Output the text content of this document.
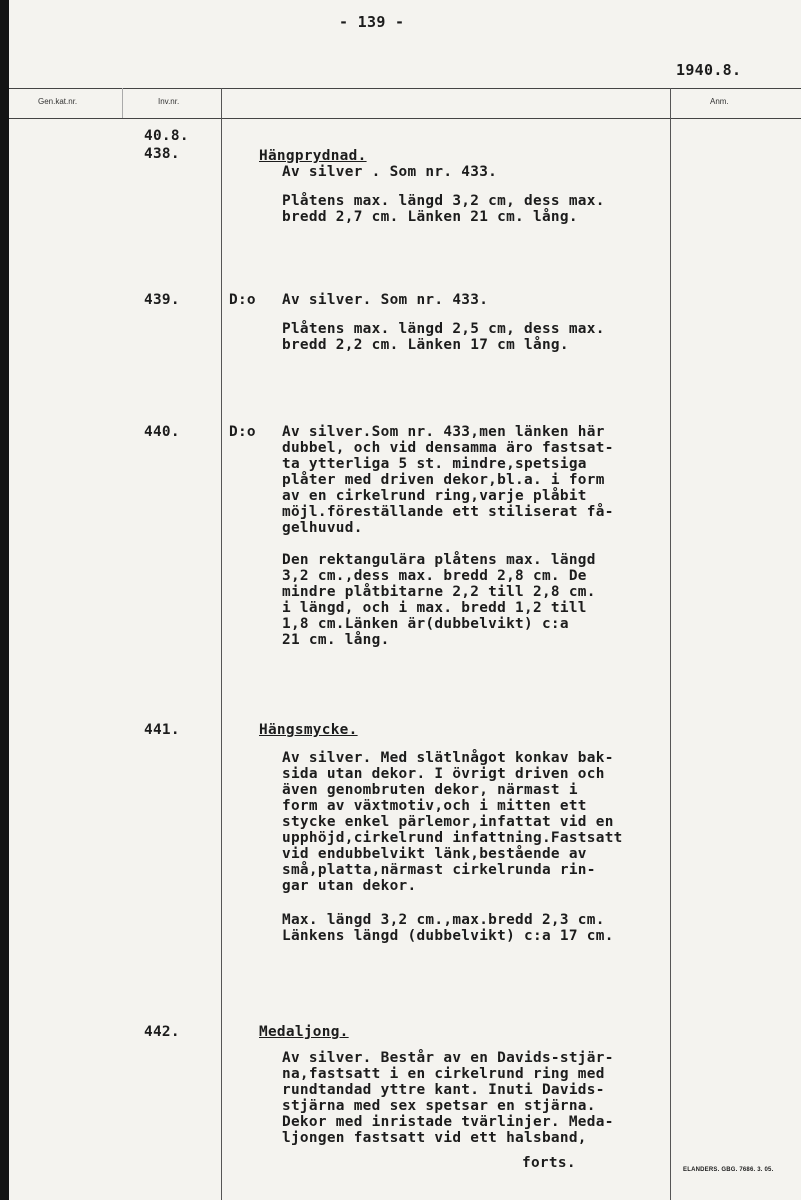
- 139 -
1940.8.
Gen.kat.nr.	Inv.nr.	Anm.
40.8.
438.	Hängprydnad.
Av silver . Som nr. 433.
Plåtens max. längd 3,2 cm, dess max.
bredd 2,7 cm. Länken 21 cm. lång.
439.	D:o Av silver. Som nr. 433.
Plåtens max. längd 2,5 cm, dess max.
bredd 2,2 cm. Länken 17 cm lång.
440.	D:o Av silver.Som nr. 433,men länken här
dubbel, och vid densamma äro fastsat-
ta ytterliga 5 st. mindre,spetsiga
plåter med driven dekor,bl.a. i form
av en cirkelrund ring,varje plåbit
möjl.föreställande ett stiliserat få-
gelhuvud.
Den rektangulära plåtens max. längd
3,2 cm.,dess max. bredd 2,8 cm. De
mindre plåtbitarne 2,2 till 2,8 cm.
i längd, och i max. bredd 1,2 till
1,8 cm.Länken är(dubbelvikt) c:a
21 cm. lång.
441.	Hängsmycke.
Av silver. Med slätlnågot konkav bak-
sida utan dekor. I övrigt driven och
även genombruten dekor, närmast i
form av växtmotiv,och i mitten ett
stycke enkel pärlemor,infattat vid en
upphöjd,cirkelrund infattning.Fastsatt
vid endubbelvikt länk,bestående av
små,platta,närmast cirkelrunda rin-
gar utan dekor.
Max. längd 3,2 cm.,max.bredd 2,3 cm.
Länkens längd (dubbelvikt) c:a 17 cm.
442.	Medaljong.
Av silver. Består av en Davids-stjär-
na,fastsatt i en cirkelrund ring med
rundtandad yttre kant. Inuti Davids-
stjärna med sex spetsar en stjärna.
Dekor med inristade tvärlinjer. Meda-
ljongen fastsatt vid ett halsband,
forts.	ELANDERS. GBG. 7686. 3. 05.
